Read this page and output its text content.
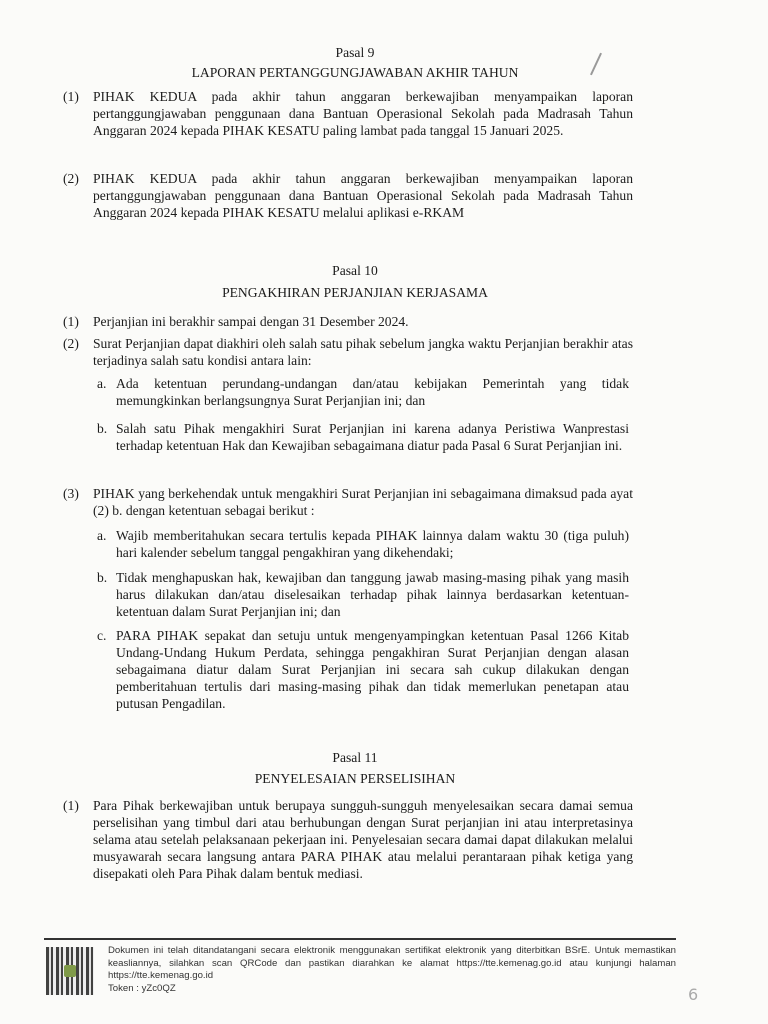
Pasal 9
LAPORAN PERTANGGUNGJAWABAN AKHIR TAHUN
(1) PIHAK KEDUA pada akhir tahun anggaran berkewajiban menyampaikan laporan pertanggungjawaban penggunaan dana Bantuan Operasional Sekolah pada Madrasah Tahun Anggaran 2024 kepada PIHAK KESATU paling lambat pada tanggal 15 Januari 2025.
(2) PIHAK KEDUA pada akhir tahun anggaran berkewajiban menyampaikan laporan pertanggungjawaban penggunaan dana Bantuan Operasional Sekolah pada Madrasah Tahun Anggaran 2024 kepada PIHAK KESATU melalui aplikasi e-RKAM
Pasal 10
PENGAKHIRAN PERJANJIAN KERJASAMA
(1) Perjanjian ini berakhir sampai dengan 31 Desember 2024.
(2) Surat Perjanjian dapat diakhiri oleh salah satu pihak sebelum jangka waktu Perjanjian berakhir atas terjadinya salah satu kondisi antara lain:
a. Ada ketentuan perundang-undangan dan/atau kebijakan Pemerintah yang tidak memungkinkan berlangsungnya Surat Perjanjian ini; dan
b. Salah satu Pihak mengakhiri Surat Perjanjian ini karena adanya Peristiwa Wanprestasi terhadap ketentuan Hak dan Kewajiban sebagaimana diatur pada Pasal 6 Surat Perjanjian ini.
(3) PIHAK yang berkehendak untuk mengakhiri Surat Perjanjian ini sebagaimana dimaksud pada ayat (2) b. dengan ketentuan sebagai berikut :
a. Wajib memberitahukan secara tertulis kepada PIHAK lainnya dalam waktu 30 (tiga puluh) hari kalender sebelum tanggal pengakhiran yang dikehendaki;
b. Tidak menghapuskan hak, kewajiban dan tanggung jawab masing-masing pihak yang masih harus dilakukan dan/atau diselesaikan terhadap pihak lainnya berdasarkan ketentuan-ketentuan dalam Surat Perjanjian ini; dan
c. PARA PIHAK sepakat dan setuju untuk mengenyampingkan ketentuan Pasal 1266 Kitab Undang-Undang Hukum Perdata, sehingga pengakhiran Surat Perjanjian dengan alasan sebagaimana diatur dalam Surat Perjanjian ini secara sah cukup dilakukan dengan pemberitahuan tertulis dari masing-masing pihak dan tidak memerlukan penetapan atau putusan Pengadilan.
Pasal 11
PENYELESAIAN PERSELISIHAN
(1) Para Pihak berkewajiban untuk berupaya sungguh-sungguh menyelesaikan secara damai semua perselisihan yang timbul dari atau berhubungan dengan Surat perjanjian ini atau interpretasinya selama atau setelah pelaksanaan pekerjaan ini. Penyelesaian secara damai dapat dilakukan melalui musyawarah secara langsung antara PARA PIHAK atau melalui perantaraan pihak ketiga yang disepakati oleh Para Pihak dalam bentuk mediasi.
Dokumen ini telah ditandatangani secara elektronik menggunakan sertifikat elektronik yang diterbitkan BSrE. Untuk memastikan keasliannya, silahkan scan QRCode dan pastikan diarahkan ke alamat https://tte.kemenag.go.id atau kunjungi halaman https://tte.kemenag.go.id
Token : yZc0QZ	6
